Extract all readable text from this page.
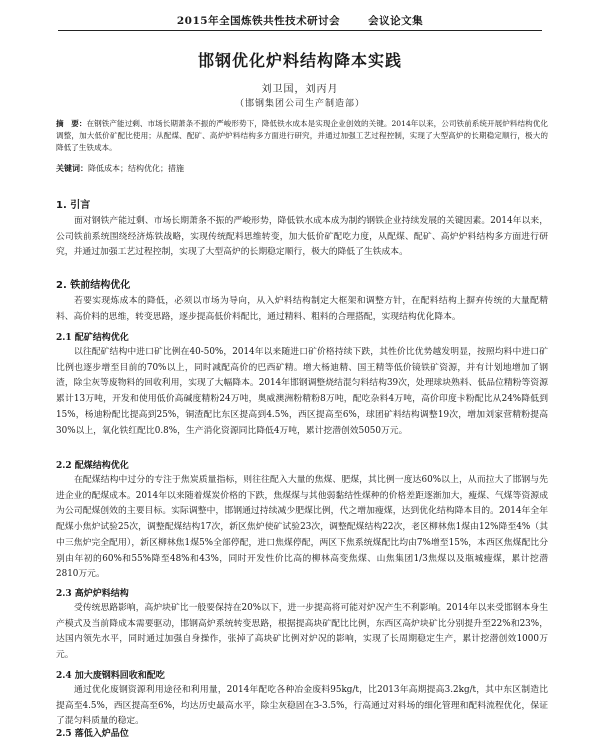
2015年全国炼铁共性技术研讨会	会议论文集
邯钢优化炉料结构降本实践
刘卫国，刘丙月
（邯钢集团公司生产制造部）
摘　要：在钢铁产能过剩、市场长期萧条不振的严峻形势下，降低铁水成本是实现企业创效的关键。2014年以来，公司铁前系统开展炉料结构优化调整，加大低价矿配比使用；从配煤、配矿、高炉炉料结构多方面进行研究，并通过加强工艺过程控制，实现了大型高炉的长期稳定顺行，极大的降低了生铁成本。
关键词：降低成本；结构优化；措施
1. 引言

面对钢铁产能过剩、市场长期萧条不振的严峻形势，降低铁水成本成为制约钢铁企业持续发展的关键因素。2014年以来，公司铁前系统围绕经济炼铁战略，实现传统配料思维转变，加大低价矿配吃力度，从配煤、配矿、高炉炉料结构多方面进行研究，并通过加强工艺过程控制，实现了大型高炉的长期稳定顺行，极大的降低了生铁成本。

2. 铁前结构优化

若要实现炼成本的降低，必须以市场为导向，从入炉料结构制定大框架和调整方针，在配料结构上摒弃传统的大量配精料、高价料的思维，转变思路，逐步提高低价料配比，通过精料、粗料的合理搭配，实现结构优化降本。

2.1 配矿结构优化

以往配矿结构中进口矿比例在40-50%，2014年以来随进口矿价格持续下跌，其性价比优势越发明显，按照均料中进口矿比例也逐步增至目前的70%以上，同时减配高价的巴西矿精。增大杨迪精、国王精等低价镜铁矿资源，并有计划地增加了钢渣，除尘灰等废物料的回收利用，实现了大幅降本。2014年邯钢调整烧结混匀料结构39次，处理球块熟料、低品位精粉等资源累计13万吨，开发和使用低价高碱度精粉24万吨，奥威澳洲粉精粉8万吨，配吃杂料4万吨，高价印度卡粉配比从24%降低到15%，杨迪粉配比提高到25%，铜渣配比东区提高到4.5%，西区提高至6%，球团矿料结构调整19次，增加刘家营精粉提高30%以上，氧化铁红配比0.8%，生产消化资源同比降低4万吨，累计挖潜创效5050万元。

2.2 配煤结构优化

在配煤结构中过分的专注于焦炭质量指标，则往往配入大量的焦煤、肥煤，其比例一度达60%以上，从而拉大了邯钢与先进企业的配煤成本。2014年以来随着煤炭价格的下跌，焦煤煤与其他弱黏结性煤种的价格差距逐渐加大，瘦煤、气煤等资源成为公司配煤创效的主要目标。实际调整中，邯钢通过持续减少肥煤比例，代之增加瘦煤，达到优化结构降本目的。2014年全年配煤小焦炉试验25次，调整配煤结构17次，新区焦炉使矿试验23次，调整配煤结构22次，老区柳林焦1煤由12%降至4%（其中三焦炉完全配用），新区柳林焦1煤5%全部停配，进口焦煤停配，两区下焦系统煤配比均由7%增至15%，本西区焦煤配比分别由年初的60%和55%降至48%和43%，同时开发性价比高的柳林高变焦煤、山焦集团1/3焦煤以及瓶城瘦煤，累计挖潜2810万元。

2.3 高炉炉料结构

受传统思路影响，高炉块矿比一般要保持在20%以下，进一步提高将可能对炉况产生不利影响。2014年以来受邯钢本身生产模式及当前降成本需要驱动，邯钢高炉系统转变思路，根据提高块矿配比比例，东西区高炉块矿比分别提升至22%和23%，达国内领先水平，同时通过加强自身操作，张掉了高块矿比例对炉况的影响，实现了长周期稳定生产，累计挖潜创效1000万元。

2.4 加大废钢料回收和配吃

通过优化废钢资源利用途径和利用量，2014年配吃各种冶金废料95kg/t，比2013年高期提高3.2kg/t，其中东区制造比提高至4.5%，西区提高至6%，均达历史最高水平，除尘灰稳固在3-3.5%，行高通过对料场的细化管理和配料流程优化，保证了混匀料质量的稳定。

2.5 落低入炉品位
